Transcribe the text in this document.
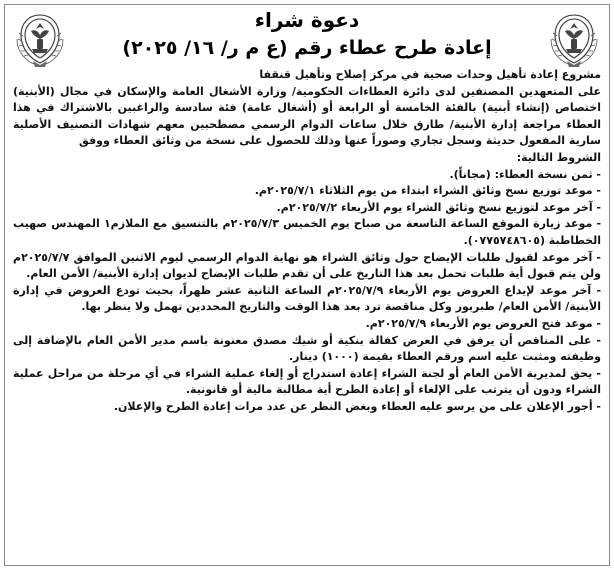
دعوة شراء
إعادة طرح عطاء رقم (ع م ر/ ١٦/ ٢٠٢٥)

مشروع إعادة تأهيل وحدات صحية في مركز إصلاح وتأهيل قنقفا

على المتعهدين المصنفين لدى دائرة العطاءات الحكومية/ وزارة الأشغال العامة والإسكان في مجال (الأبنية) اختصاص (إنشاء أبنية) بالفئة الخامسة أو الرابعة أو (أشغال عامة) فئة سادسة والراغبين بالاشتراك في هذا العطاء مراجعة إدارة الأبنية/ طارق خلال ساعات الدوام الرسمي مصطحبين معهم شهادات التصنيف الأصلية سارية المفعول حديثة وسجل تجاري وصوراً عنها وذلك للحصول على نسخة من وثائق العطاء ووفق

الشروط التالية:

- ثمن نسخة العطاء: (مجاناً).
- موعد توزيع نسخ وثائق الشراء ابتداء من يوم الثلاثاء ٢٠٢٥/٧/١م.
- آخر موعد لتوزيع نسخ وثائق الشراء يوم الأربعاء ٢٠٢٥/٧/٢م.
- موعد زيارة الموقع الساعة التاسعة من صباح يوم الخميس ٢٠٢٥/٧/٣م بالتنسيق مع الملازم١ المهندس صهيب الخطاطبة (٠٧٧٥٧٤٨٦٠٥).
- آخر موعد لقبول طلبات الإيضاح حول وثائق الشراء هو نهاية الدوام الرسمي ليوم الاثنين الموافق ٢٠٢٥/٧/٧م ولن يتم قبول أية طلبات تحمل بعد هذا التاريخ على أن تقدم طلبات الإيضاح لديوان إدارة الأبنية/ الأمن العام.
- آخر موعد لإيداع العروض يوم الأربعاء ٢٠٢٥/٧/٩م الساعة الثانية عشر ظهراً، بحيث تودع العروض في إدارة الأبنية/ الأمن العام/ طبربور وكل مناقصة ترد بعد هذا الوقت والتاريخ المحددين تهمل ولا ينظر بها.
- موعد فتح العروض يوم الأربعاء ٢٠٢٥/٧/٩م.
- على المناقص أن يرفق في العرض كفالة بنكية أو شيك مصدق معنونة باسم مدير الأمن العام بالإضافة إلى وظيفته ومثبت عليه اسم ورقم العطاء بقيمة (١٠٠٠) دينار.
- يحق لمديرية الأمن العام أو لجنة الشراء إعادة استدراج أو إلغاء عملية الشراء في أي مرحلة من مراحل عملية الشراء ودون أن يترتب على الإلغاء أو إعادة الطرح أية مطالبة مالية أو قانونية.
- أجور الإعلان على من يرسو عليه العطاء وبغض النظر عن عدد مرات إعادة الطرح والإعلان.
